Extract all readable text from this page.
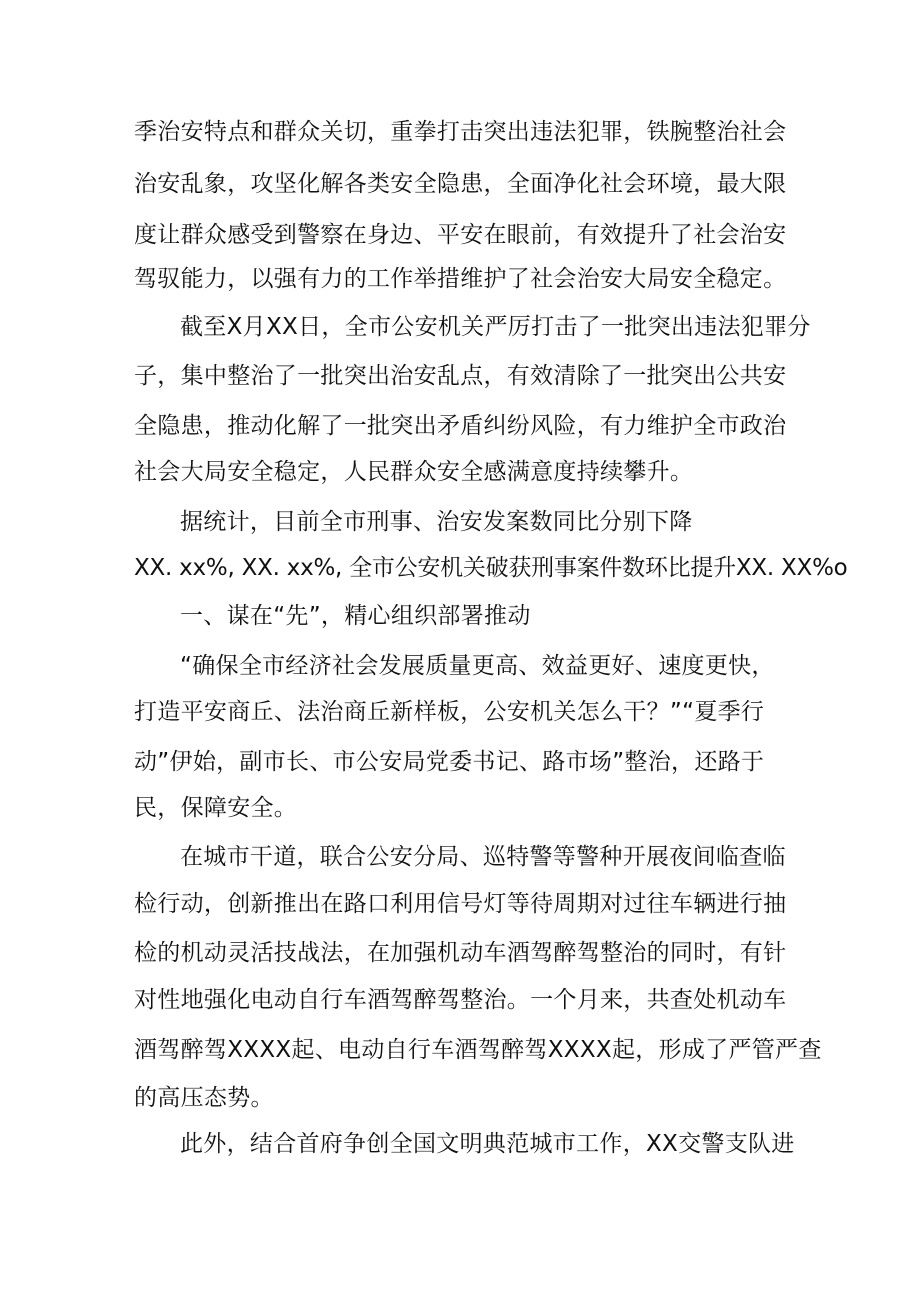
季治安特点和群众关切，重拳打击突出违法犯罪，铁腕整治社会
治安乱象，攻坚化解各类安全隐患，全面净化社会环境，最大限
度让群众感受到警察在身边、平安在眼前，有效提升了社会治安
驾驭能力，以强有力的工作举措维护了社会治安大局安全稳定。
截至X月XX日，全市公安机关严厉打击了一批突出违法犯罪分
子，集中整治了一批突出治安乱点，有效清除了一批突出公共安
全隐患，推动化解了一批突出矛盾纠纷风险，有力维护全市政治
社会大局安全稳定，人民群众安全感满意度持续攀升。
据统计，目前全市刑事、治安发案数同比分别下降
XX. xx%, XX. xx%, 全市公安机关破获刑事案件数环比提升XX. XX%o
一、谋在“先”，精心组织部署推动
“确保全市经济社会发展质量更高、效益更好、速度更快，
打造平安商丘、法治商丘新样板，公安机关怎么干？”“夏季行
动”伊始，副市长、市公安局党委书记、路市场”整治，还路于
民，保障安全。
在城市干道，联合公安分局、巡特警等警种开展夜间临查临
检行动，创新推出在路口利用信号灯等待周期对过往车辆进行抽
检的机动灵活技战法，在加强机动车酒驾醉驾整治的同时，有针
对性地强化电动自行车酒驾醉驾整治。一个月来，共查处机动车
酒驾醉驾XXXX起、电动自行车酒驾醉驾XXXX起，形成了严管严查
的高压态势。
此外，结合首府争创全国文明典范城市工作，XX交警支队进
